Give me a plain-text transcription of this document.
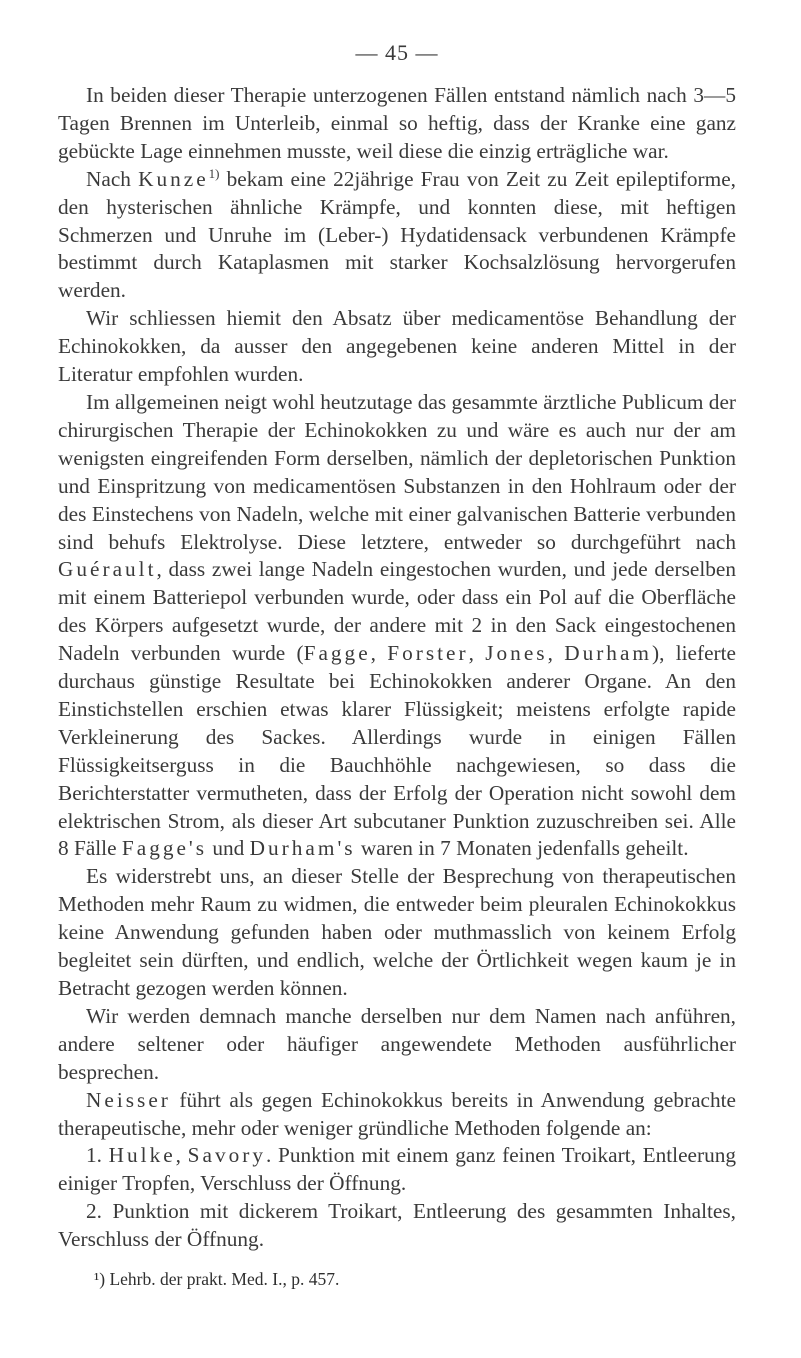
— 45 —

In beiden dieser Therapie unterzogenen Fällen entstand nämlich nach 3—5 Tagen Brennen im Unterleib, einmal so heftig, dass der Kranke eine ganz gebückte Lage einnehmen musste, weil diese die einzig erträgliche war.

Nach Kunze$^{1)}$ bekam eine 22jährige Frau von Zeit zu Zeit epileptiforme, den hysterischen ähnliche Krämpfe, und konnten diese, mit heftigen Schmerzen und Unruhe im (Leber-) Hydatidensack verbundenen Krämpfe bestimmt durch Kataplasmen mit starker Kochsalzlösung hervorgerufen werden.

Wir schliessen hiemit den Absatz über medicamentöse Behandlung der Echinokokken, da ausser den angegebenen keine anderen Mittel in der Literatur empfohlen wurden.

Im allgemeinen neigt wohl heutzutage das gesammte ärztliche Publicum der chirurgischen Therapie der Echinokokken zu und wäre es auch nur der am wenigsten eingreifenden Form derselben, nämlich der depletorischen Punktion und Einspritzung von medicamentösen Substanzen in den Hohlraum oder der des Einstechens von Nadeln, welche mit einer galvanischen Batterie verbunden sind behufs Elektrolyse. Diese letztere, entweder so durchgeführt nach Guérault, dass zwei lange Nadeln eingestochen wurden, und jede derselben mit einem Batteriepol verbunden wurde, oder dass ein Pol auf die Oberfläche des Körpers aufgesetzt wurde, der andere mit 2 in den Sack eingestochenen Nadeln verbunden wurde (Fagge, Forster, Jones, Durham), lieferte durchaus günstige Resultate bei Echinokokken anderer Organe. An den Einstichstellen erschien etwas klarer Flüssigkeit; meistens erfolgte rapide Verkleinerung des Sackes. Allerdings wurde in einigen Fällen Flüssigkeitserguss in die Bauchhöhle nachgewiesen, so dass die Berichterstatter vermutheten, dass der Erfolg der Operation nicht sowohl dem elektrischen Strom, als dieser Art subcutaner Punktion zuzuschreiben sei. Alle 8 Fälle Fagge's und Durham's waren in 7 Monaten jedenfalls geheilt.

Es widerstrebt uns, an dieser Stelle der Besprechung von therapeutischen Methoden mehr Raum zu widmen, die entweder beim pleuralen Echinokokkus keine Anwendung gefunden haben oder muthmasslich von keinem Erfolg begleitet sein dürften, und endlich, welche der Örtlichkeit wegen kaum je in Betracht gezogen werden können.

Wir werden demnach manche derselben nur dem Namen nach anführen, andere seltener oder häufiger angewendete Methoden ausführlicher besprechen.

Neisser führt als gegen Echinokokkus bereits in Anwendung gebrachte therapeutische, mehr oder weniger gründliche Methoden folgende an:

1. Hulke, Savory. Punktion mit einem ganz feinen Troikart, Entleerung einiger Tropfen, Verschluss der Öffnung.

2. Punktion mit dickerem Troikart, Entleerung des gesammten Inhaltes, Verschluss der Öffnung.

¹) Lehrb. der prakt. Med. I., p. 457.
